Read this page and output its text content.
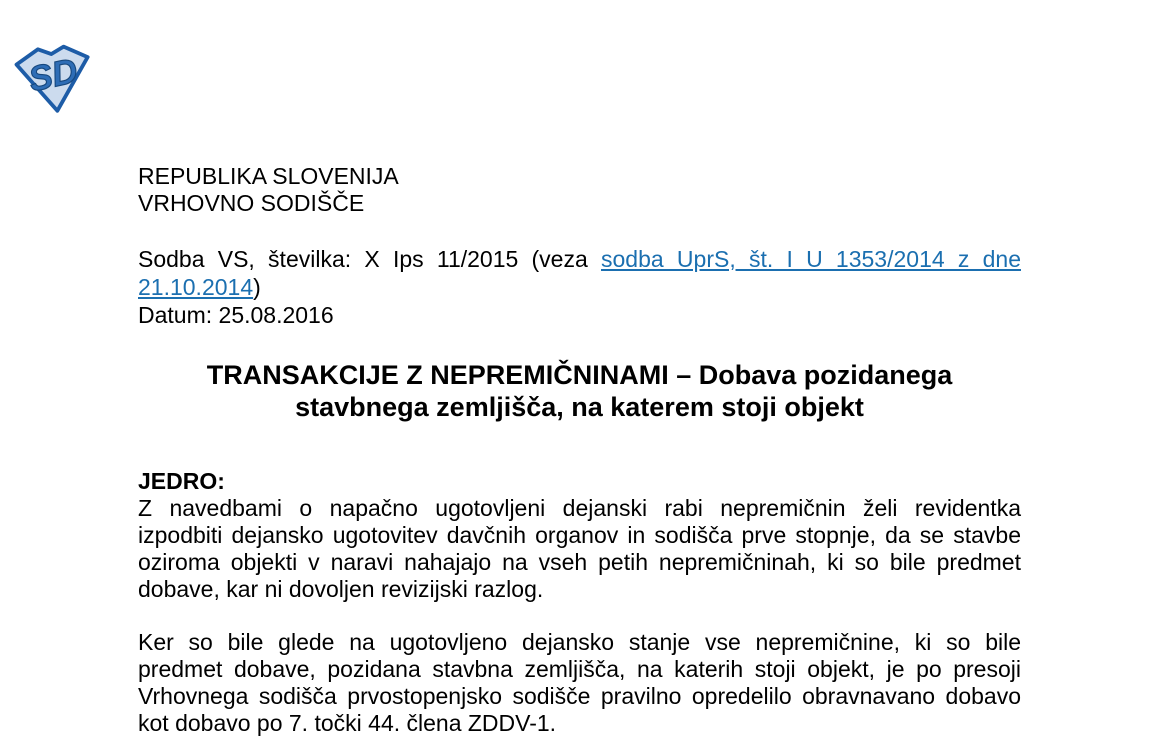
SD
REPUBLIKA SLOVENIJA
VRHOVNO SODIŠČE
Sodba VS, številka: X Ips 11/2015 (veza sodba UprS, št. I U 1353/2014 z dne
21.10.2014)
Datum: 25.08.2016
TRANSAKCIJE Z NEPREMIČNINAMI – Dobava pozidanega
stavbnega zemljišča, na katerem stoji objekt
JEDRO:
Z navedbami o napačno ugotovljeni dejanski rabi nepremičnin želi revidentka
izpodbiti dejansko ugotovitev davčnih organov in sodišča prve stopnje, da se stavbe
oziroma objekti v naravi nahajajo na vseh petih nepremičninah, ki so bile predmet
dobave, kar ni dovoljen revizijski razlog.
Ker so bile glede na ugotovljeno dejansko stanje vse nepremičnine, ki so bile
predmet dobave, pozidana stavbna zemljišča, na katerih stoji objekt, je po presoji
Vrhovnega sodišča prvostopenjsko sodišče pravilno opredelilo obravnavano dobavo
kot dobavo po 7. točki 44. člena ZDDV-1.
